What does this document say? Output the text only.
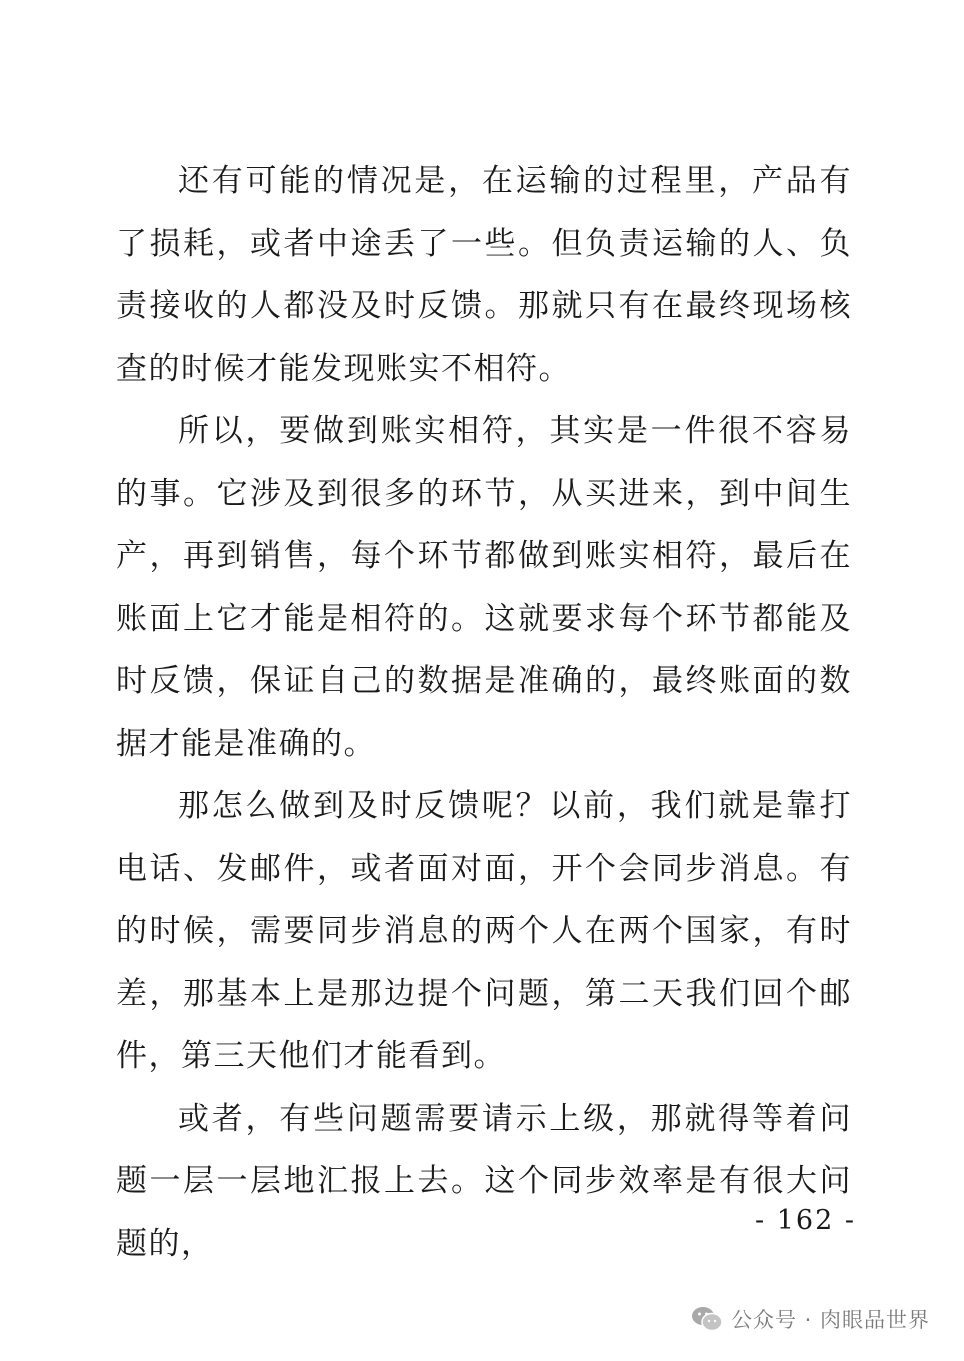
还有可能的情况是，在运输的过程里，产品有了损耗，或者中途丢了一些。但负责运输的人、负责接收的人都没及时反馈。那就只有在最终现场核查的时候才能发现账实不相符。

所以，要做到账实相符，其实是一件很不容易的事。它涉及到很多的环节，从买进来，到中间生产，再到销售，每个环节都做到账实相符，最后在账面上它才能是相符的。这就要求每个环节都能及时反馈，保证自己的数据是准确的，最终账面的数据才能是准确的。

那怎么做到及时反馈呢？以前，我们就是靠打电话、发邮件，或者面对面，开个会同步消息。有的时候，需要同步消息的两个人在两个国家，有时差，那基本上是那边提个问题，第二天我们回个邮件，第三天他们才能看到。

或者，有些问题需要请示上级，那就得等着问题一层一层地汇报上去。这个同步效率是有很大问题的，

- 162 -
公众号 · 肉眼品世界
